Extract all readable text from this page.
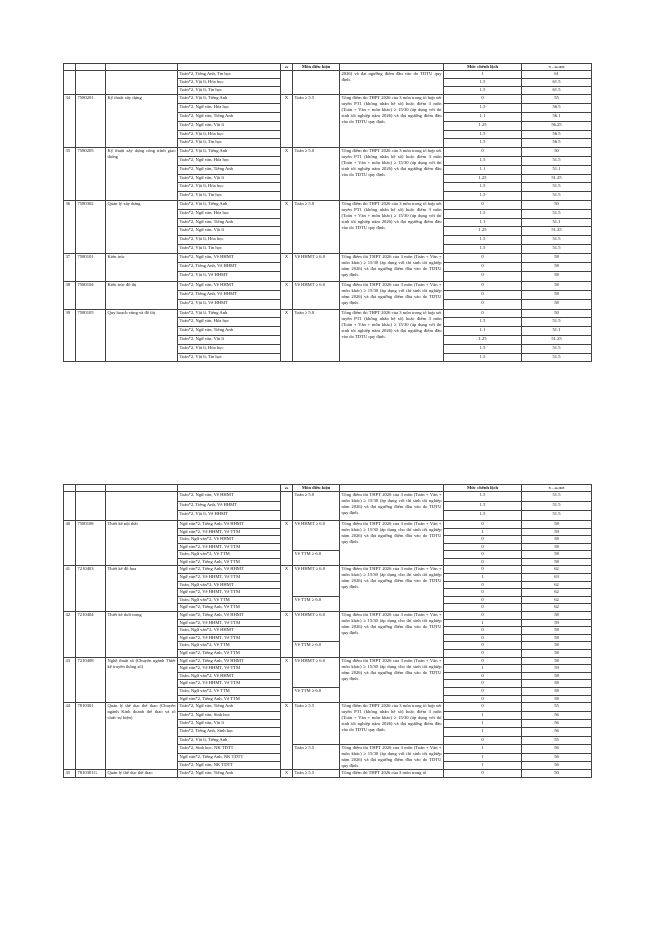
				ưu	Môn điều kiện		Mức chênh lệch	N ... ển 2025
			Toán*2, Tiếng Anh, Tin học			2026) và đạt ngưỡng điểm đầu vào do TDTU quy định.	1	61
			Toán*2, Vật lí, Hóa học				1.5	61.5
			Toán*2, Vật lí, Tin học				1.5	61.5
34	7580201	Kỹ thuật xây dựng	Toán*2, Vật lí, Tiếng Anh	X	Toán ≥ 5.5	Tổng điểm thi THPT 2026 của 3 môn trong tổ hợp xét tuyển PT1 (không nhân hệ số) hoặc điểm 3 môn (Toán + Văn + môn khác) ≥ 15/30 (áp dụng với thí sinh tốt nghiệp năm 2026) và đạt ngưỡng điểm đầu vào do TDTU quy định.	0	55
			Toán*2, Ngữ văn, Hóa học				1.5	56.5
			Toán*2, Ngữ văn, Tiếng Anh				1.1	56.1
			Toán*2, Ngữ văn, Vật lí				1.25	56.25
			Toán*2, Vật lí, Hóa học				1.5	56.5
			Toán*2, Vật lí, Tin học				1.5	56.5
35	7580205	Kỹ thuật xây dựng công trình giao thông	Toán*2, Vật lí, Tiếng Anh	X	Toán ≥ 5.0	Tổng điểm thi THPT 2026 của 3 môn trong tổ hợp xét tuyển PT1 (không nhân hệ số) hoặc điểm 3 môn (Toán + Văn + môn khác) ≥ 15/30 (áp dụng với thí sinh tốt nghiệp năm 2026) và đạt ngưỡng điểm đầu vào do TDTU quy định.	0	50
			Toán*2, Ngữ văn, Hóa học				1.5	51.5
			Toán*2, Ngữ văn, Tiếng Anh				1.1	51.1
			Toán*2, Ngữ văn, Vật lí				1.25	51.25
			Toán*2, Vật lí, Hóa học				1.5	51.5
			Toán*2, Vật lí, Tin học				1.5	51.5
36	7580302	Quản lý xây dựng	Toán*2, Vật lí, Tiếng Anh	X	Toán ≥ 5.0	Tổng điểm thi THPT 2026 của 3 môn trong tổ hợp xét tuyển PT1 (không nhân hệ số) hoặc điểm 3 môn (Toán + Văn + môn khác) ≥ 15/30 (áp dụng với thí sinh tốt nghiệp năm 2026) và đạt ngưỡng điểm đầu vào do TDTU quy định.	0	50
			Toán*2, Ngữ văn, Hóa học				1.5	51.5
			Toán*2, Ngữ văn, Tiếng Anh				1.1	51.1
			Toán*2, Ngữ văn, Vật lí				1.25	51.25
			Toán*2, Vật lí, Hóa học				1.5	51.5
			Toán*2, Vật lí, Tin học				1.5	51.5
37	7580101	Kiến trúc	Toán*2, Ngữ văn, Vẽ HHMT	X	Vẽ HHMT ≥ 6.0	Tổng điểm thi THPT 2026 của 3 môn (Toán + Văn + môn khác) ≥ 15/30 (áp dụng với thí sinh tốt nghiệp năm 2026) và đạt ngưỡng điểm đầu vào do TDTU quy định.	0	58
			Toán*2, Tiếng Anh, Vẽ HHMT				0	58
			Toán*2, Vật lí, Vẽ HHMT				0	58
38	7580104	Kiến trúc đô thị	Toán*2, Ngữ văn, Vẽ HHMT	X	Vẽ HHMT ≥ 6.0	Tổng điểm thi THPT 2026 của 3 môn (Toán + Văn + môn khác) ≥ 15/30 (áp dụng với thí sinh tốt nghiệp năm 2026) và đạt ngưỡng điểm đầu vào do TDTU quy định.	0	58
			Toán*2, Tiếng Anh, Vẽ HHMT				0	58
			Toán*2, Vật lí, Vẽ HHMT				0	58
39	7580105	Quy hoạch vùng và đô thị	Toán*2, Vật lí, Tiếng Anh	X	Toán ≥ 5.0	Tổng điểm thi THPT 2026 của 3 môn trong tổ hợp xét tuyển PT1 (không nhân hệ số) hoặc điểm 3 môn (Toán + Văn + môn khác) ≥ 15/30 (áp dụng với thí sinh tốt nghiệp năm 2026) và đạt ngưỡng điểm đầu vào do TDTU quy định.	0	50
			Toán*2, Ngữ văn, Hóa học				1.5	51.5
			Toán*2, Ngữ văn, Tiếng Anh				1.1	51.1
			Toán*2, Ngữ văn, Vật lí				1.25	51.25
			Toán*2, Vật lí, Hóa học				1.5	51.5
			Toán*2, Vật lí, Tin học				1.5	51.5
				ưu	Môn điều kiện		Mức chênh lệch	N ... ển 2025
			Toán*2, Ngữ văn, Vẽ HHMT		Toán ≥ 5.0	Tổng điểm thi THPT 2026 của 3 môn (Toán + Văn + môn khác) ≥ 15/30 (áp dụng với thí sinh tốt nghiệp năm 2026) và đạt ngưỡng điểm đầu vào do TDTU quy định.	1.5	51.5
			Toán*2, Tiếng Anh, Vẽ HHMT				1.5	51.5
			Toán*2, Vật lí, Vẽ HHMT				1.5	51.5
40	7580108	Thiết kế nội thất	Ngữ văn*2, Tiếng Anh, Vẽ HHMT	X	Vẽ HHMT ≥ 6.0	Tổng điểm thi THPT 2026 của 3 môn (Toán + Văn + môn khác) ≥ 15/30 (áp dụng cho thí sinh tốt nghiệp năm 2026) và đạt ngưỡng điểm đầu vào do TDTU quy định.	0	58
			Ngữ văn*2, Vẽ HHMT, Vẽ TTM				1	59
			Toán, Ngữ văn*2, Vẽ HHMT				0	58
			Ngữ văn*2, Vẽ HHMT, Vẽ TTM				0	58
			Toán, Ngữ văn*2, Vẽ TTM		Vẽ TTM ≥ 6.0		0	58
			Ngữ văn*2, Tiếng Anh, Vẽ TTM				0	58
41	7210403	Thiết kế đồ họa	Ngữ văn*2, Tiếng Anh, Vẽ HHMT	X	Vẽ HHMT ≥ 6.0	Tổng điểm thi THPT 2026 của 3 môn (Toán + Văn + môn khác) ≥ 15/30 (áp dụng cho thí sinh tốt nghiệp năm 2026) và đạt ngưỡng điểm đầu vào do TDTU quy định.	0	62
			Ngữ văn*2, Vẽ HHMT, Vẽ TTM				1	63
			Toán, Ngữ văn*2, Vẽ HHMT				0	62
			Ngữ văn*2, Vẽ HHMT, Vẽ TTM				0	62
			Toán, Ngữ văn*2, Vẽ TTM		Vẽ TTM ≥ 6.0		0	62
			Ngữ văn*2, Tiếng Anh, Vẽ TTM				0	62
42	7210404	Thiết kế thời trang	Ngữ văn*2, Tiếng Anh, Vẽ HHMT	X	Vẽ HHMT ≥ 6.0	Tổng điểm thi THPT 2026 của 3 môn (Toán + Văn + môn khác) ≥ 15/30 (áp dụng cho thí sinh tốt nghiệp năm 2026) và đạt ngưỡng điểm đầu vào do TDTU quy định.	0	58
			Ngữ văn*2, Vẽ HHMT, Vẽ TTM				1	59
			Toán, Ngữ văn*2, Vẽ HHMT				0	58
			Ngữ văn*2, Vẽ HHMT, Vẽ TTM				0	58
			Toán, Ngữ văn*2, Vẽ TTM		Vẽ TTM ≥ 6.0		0	58
			Ngữ văn*2, Tiếng Anh, Vẽ TTM				0	58
43	7210408	Nghệ thuật số (Chuyên ngành Thiết kế truyền thông số)	Ngữ văn*2, Tiếng Anh, Vẽ HHMT	X	Vẽ HHMT ≥ 6.0	Tổng điểm thi THPT 2026 của 3 môn (Toán + Văn + môn khác) ≥ 15/30 (áp dụng cho thí sinh tốt nghiệp năm 2026) và đạt ngưỡng điểm đầu vào do TDTU quy định.	0	58
			Ngữ văn*2, Vẽ HHMT, Vẽ TTM				1	59
			Toán, Ngữ văn*2, Vẽ HHMT				0	58
			Ngữ văn*2, Vẽ HHMT, Vẽ TTM				0	58
			Toán, Ngữ văn*2, Vẽ TTM		Vẽ TTM ≥ 6.0		0	58
			Ngữ văn*2, Tiếng Anh, Vẽ TTM				0	58
44	7810301	Quản lý thể dục thể thao (Chuyên ngành Kinh doanh thể thao và tổ chức sự kiện)	Toán*2, Ngữ văn, Tiếng Anh	X	Toán ≥ 5.5	Tổng điểm thi THPT 2026 của 3 môn trong tổ hợp xét tuyển PT1 (không nhân hệ số) hoặc điểm 3 môn (Toán + Văn + môn khác) ≥ 15/30 (áp dụng với thí sinh tốt nghiệp năm 2026) và đạt ngưỡng điểm đầu vào do TDTU quy định.	0	55
			Toán*2, Ngữ văn, Sinh học				1	56
			Toán*2, Ngữ văn, Vật lí				1	56
			Toán*2, Tiếng Anh, Sinh học				1	56
			Toán*2, Vật lí, Tiếng Anh				0	55
			Toán*2, Sinh học, NK TDTT		Toán ≥ 5.5	Tổng điểm thi THPT 2026 của 3 môn (Toán + Văn + môn khác) ≥ 15/30 (áp dụng với thí sinh tốt nghiệp năm 2026) và đạt ngưỡng điểm đầu vào do TDTU quy định.	1	56
			Ngữ văn*2, Tiếng Anh, NK TDTT				1	56
			Toán*2, Ngữ văn, NK TDTT				1	56
45	7810301G	Quản lý thể dục thể thao	Toán*2, Ngữ văn, Tiếng Anh	X	Toán ≥ 5.5	Tổng điểm thi THPT 2026 của 3 môn trong tổ	0	50
